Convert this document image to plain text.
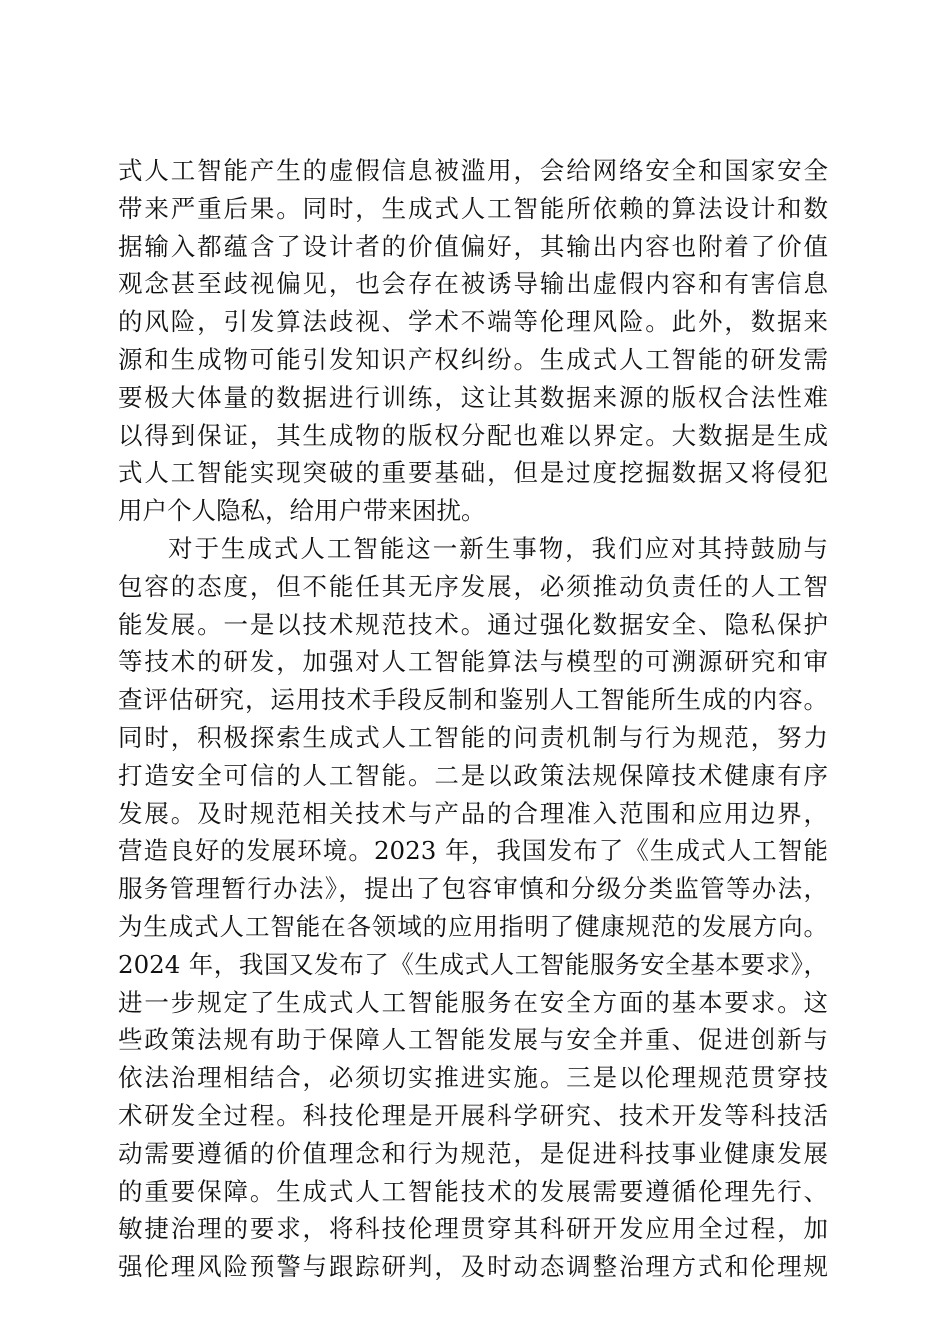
式人工智能产生的虚假信息被滥用，会给网络安全和国家安全
带来严重后果。同时，生成式人工智能所依赖的算法设计和数
据输入都蕴含了设计者的价值偏好，其输出内容也附着了价值
观念甚至歧视偏见，也会存在被诱导输出虚假内容和有害信息
的风险，引发算法歧视、学术不端等伦理风险。此外，数据来
源和生成物可能引发知识产权纠纷。生成式人工智能的研发需
要极大体量的数据进行训练，这让其数据来源的版权合法性难
以得到保证，其生成物的版权分配也难以界定。大数据是生成
式人工智能实现突破的重要基础，但是过度挖掘数据又将侵犯
用户个人隐私，给用户带来困扰。
对于生成式人工智能这一新生事物，我们应对其持鼓励与
包容的态度，但不能任其无序发展，必须推动负责任的人工智
能发展。一是以技术规范技术。通过强化数据安全、隐私保护
等技术的研发，加强对人工智能算法与模型的可溯源研究和审
查评估研究，运用技术手段反制和鉴别人工智能所生成的内容。
同时，积极探索生成式人工智能的问责机制与行为规范，努力
打造安全可信的人工智能。二是以政策法规保障技术健康有序
发展。及时规范相关技术与产品的合理准入范围和应用边界，
营造良好的发展环境。2023 年，我国发布了《生成式人工智能
服务管理暂行办法》，提出了包容审慎和分级分类监管等办法，
为生成式人工智能在各领域的应用指明了健康规范的发展方向。
2024 年，我国又发布了《生成式人工智能服务安全基本要求》，
进一步规定了生成式人工智能服务在安全方面的基本要求。这
些政策法规有助于保障人工智能发展与安全并重、促进创新与
依法治理相结合，必须切实推进实施。三是以伦理规范贯穿技
术研发全过程。科技伦理是开展科学研究、技术开发等科技活
动需要遵循的价值理念和行为规范，是促进科技事业健康发展
的重要保障。生成式人工智能技术的发展需要遵循伦理先行、
敏捷治理的要求，将科技伦理贯穿其科研开发应用全过程，加
强伦理风险预警与跟踪研判，及时动态调整治理方式和伦理规
